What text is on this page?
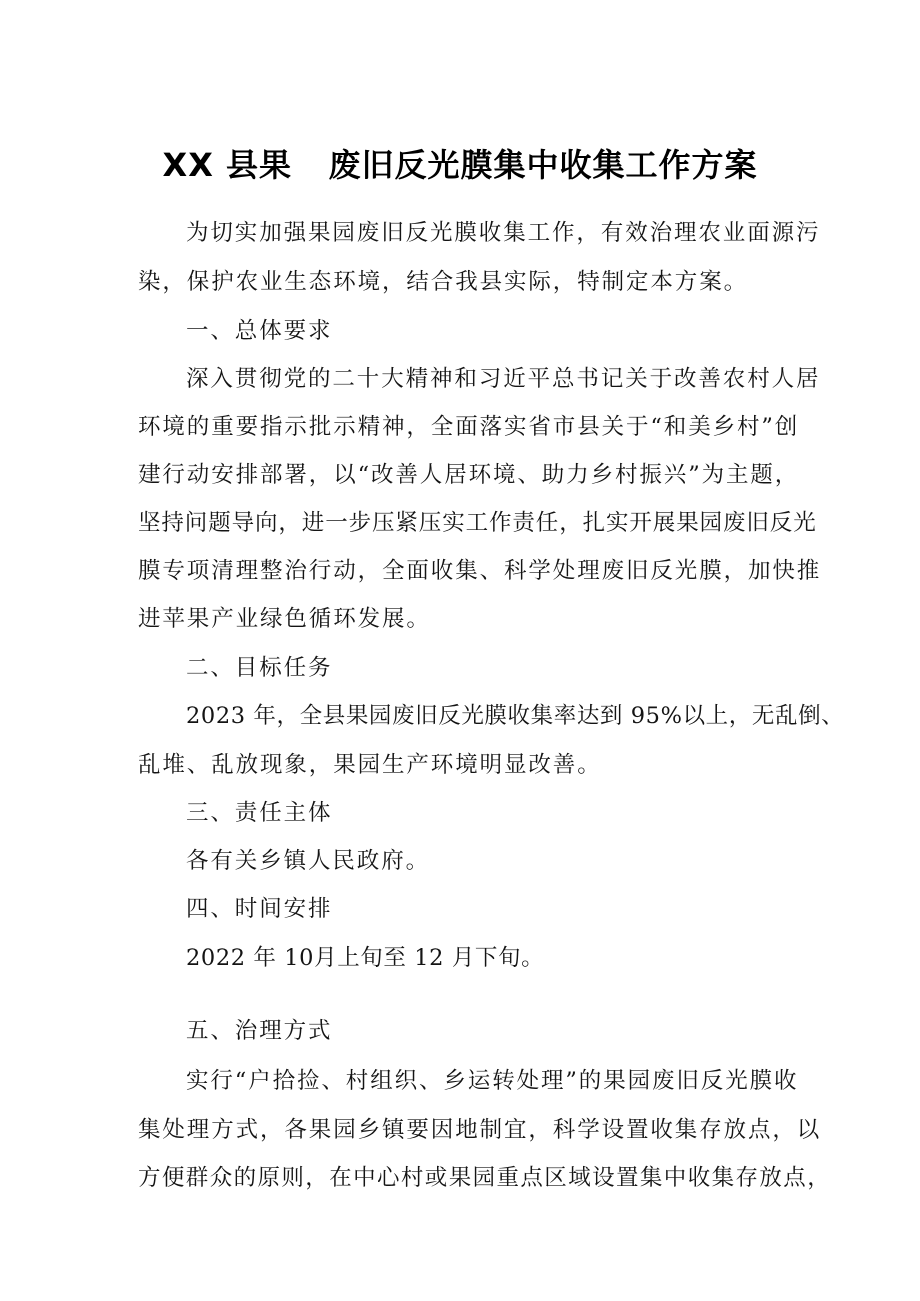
XX 县果   废旧反光膜集中收集工作方案
为切实加强果园废旧反光膜收集工作，有效治理农业面源污
染，保护农业生态环境，结合我县实际，特制定本方案。
一、总体要求
深入贯彻党的二十大精神和习近平总书记关于改善农村人居
环境的重要指示批示精神，全面落实省市县关于“和美乡村”创
建行动安排部署，以“改善人居环境、助力乡村振兴”为主题，
坚持问题导向，进一步压紧压实工作责任，扎实开展果园废旧反光
膜专项清理整治行动，全面收集、科学处理废旧反光膜，加快推
进苹果产业绿色循环发展。
二、目标任务
2023 年，全县果园废旧反光膜收集率达到 95%以上，无乱倒、
乱堆、乱放现象，果园生产环境明显改善。
三、责任主体
各有关乡镇人民政府。
四、时间安排
2022 年 10月上旬至 12 月下旬。
五、治理方式
实行“户拾捡、村组织、乡运转处理”的果园废旧反光膜收
集处理方式，各果园乡镇要因地制宜，科学设置收集存放点，以
方便群众的原则，在中心村或果园重点区域设置集中收集存放点，
